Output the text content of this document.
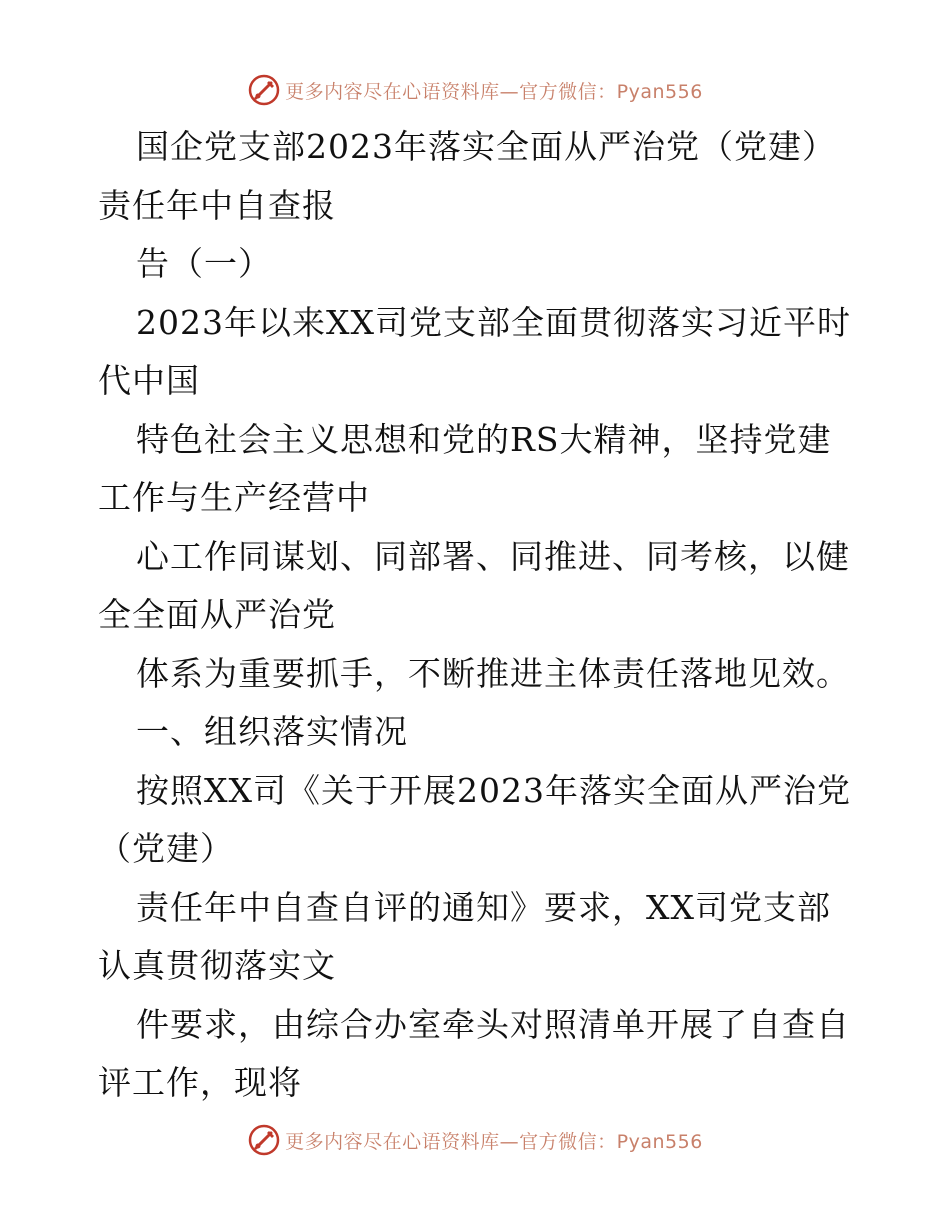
更多内容尽在心语资料库—官方微信：Pyan556
国企党支部2023年落实全面从严治党（党建）
责任年中自查报
告（一）
2023年以来XX司党支部全面贯彻落实习近平时
代中国
特色社会主义思想和党的RS大精神，坚持党建
工作与生产经营中
心工作同谋划、同部署、同推进、同考核，以健
全全面从严治党
体系为重要抓手，不断推进主体责任落地见效。
一、组织落实情况
按照XX司《关于开展2023年落实全面从严治党
（党建）
责任年中自查自评的通知》要求，XX司党支部
认真贯彻落实文
件要求，由综合办室牵头对照清单开展了自查自
评工作，现将
更多内容尽在心语资料库—官方微信：Pyan556
